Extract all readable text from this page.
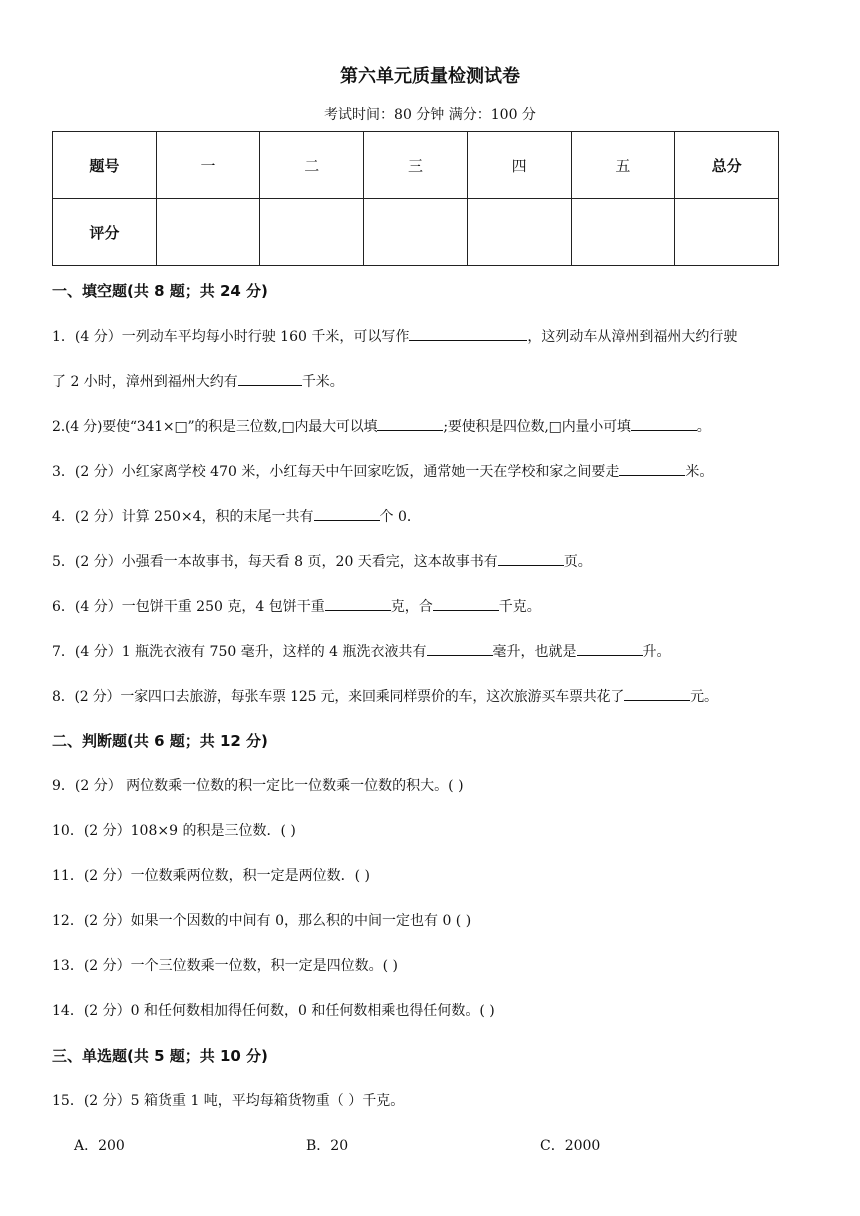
第六单元质量检测试卷
考试时间：80 分钟 满分：100 分
题号	一	二	三	四	五	总分
评分						
一、填空题(共 8 题；共 24 分)
1．(4 分）一列动车平均每小时行驶 160 千米，可以写作	，这列动车从漳州到福州大约行驶
了 2 小时，漳州到福州大约有	千米。
2.(4 分)要使“341×□”的积是三位数,□内最大可以填	;要使积是四位数,□内量小可填	。
3．(2 分）小红家离学校 470 米，小红每天中午回家吃饭，通常她一天在学校和家之间要走	米。
4．(2 分）计算 250×4，积的末尾一共有	个 0．
5．(2 分）小强看一本故事书，每天看 8 页，20 天看完，这本故事书有	页。
6．(4 分）一包饼干重 250 克，4 包饼干重	克，合	千克。
7．(4 分）1 瓶洗衣液有 750 毫升，这样的 4 瓶洗衣液共有	毫升，也就是	升。
8．(2 分）一家四口去旅游，每张车票 125 元，来回乘同样票价的车，这次旅游买车票共花了	元。
二、判断题(共 6 题；共 12 分)
9．(2 分） 两位数乘一位数的积一定比一位数乘一位数的积大。( )
10．(2 分）108×9 的积是三位数．( )
11．(2 分）一位数乘两位数，积一定是两位数．( )
12．(2 分）如果一个因数的中间有 0，那么积的中间一定也有 0 ( )
13．(2 分）一个三位数乘一位数，积一定是四位数。( )
14．(2 分）0 和任何数相加得任何数，0 和任何数相乘也得任何数。( )
三、单选题(共 5 题；共 10 分)
15．(2 分）5 箱货重 1 吨，平均每箱货物重（ ）千克。
A．200	B．20	C．2000
